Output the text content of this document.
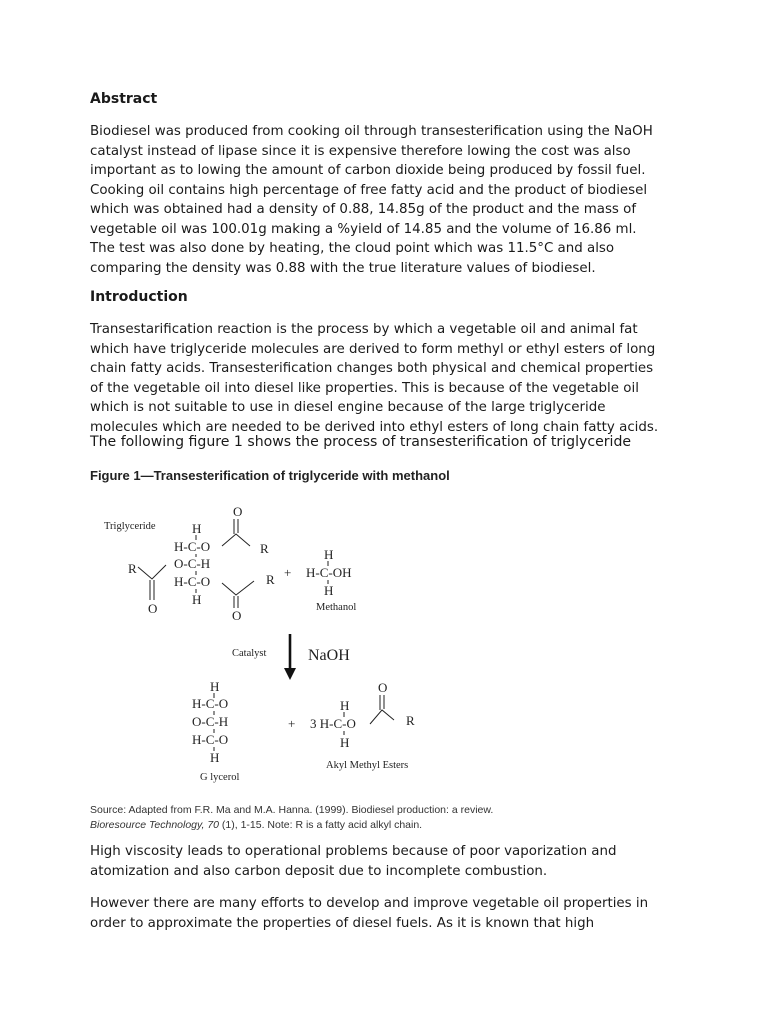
Abstract
Biodiesel was produced from cooking oil through transesterification using the NaOH
catalyst instead of lipase since it is expensive therefore lowing the cost was also
important as to lowing the amount of carbon dioxide being produced by fossil fuel.
Cooking oil contains high percentage of free fatty acid and the product of biodiesel
which was obtained had a density of 0.88, 14.85g of the product and the mass of
vegetable oil was 100.01g making a %yield of 14.85 and the volume of 16.86 ml.
The test was also done by heating, the cloud point which was 11.5°C and also
comparing the density was 0.88 with the true literature values of biodiesel.
Introduction
Transestarification reaction is the process by which a vegetable oil and animal fat
which have triglyceride molecules are derived to form methyl or ethyl esters of long
chain fatty acids. Transesterification changes both physical and chemical properties
of the vegetable oil into diesel like properties. This is because of the vegetable oil
which is not suitable to use in diesel engine because of the large triglyceride
molecules which are needed to be derived into ethyl esters of long chain fatty acids.
The following figure 1 shows the process of transesterification of triglyceride
Figure 1—Transesterification of triglyceride with methanol
Triglyceride	H
H-C-O
O-C-H
H-C-O
H
O
R
R
O
R
O
+
H
H-C-OH
H
Methanol
Catalyst	NaOH
H
H-C-O
O-C-H
H-C-O
H
G lycerol
+
H
3 H-C-O
H
O
R
Akyl Methyl Esters
Source: Adapted from F.R. Ma and M.A. Hanna. (1999). Biodiesel production: a review.
Bioresource Technology, 70 (1), 1-15. Note: R is a fatty acid alkyl chain.
High viscosity leads to operational problems because of poor vaporization and
atomization and also carbon deposit due to incomplete combustion.
However there are many efforts to develop and improve vegetable oil properties in
order to approximate the properties of diesel fuels. As it is known that high
